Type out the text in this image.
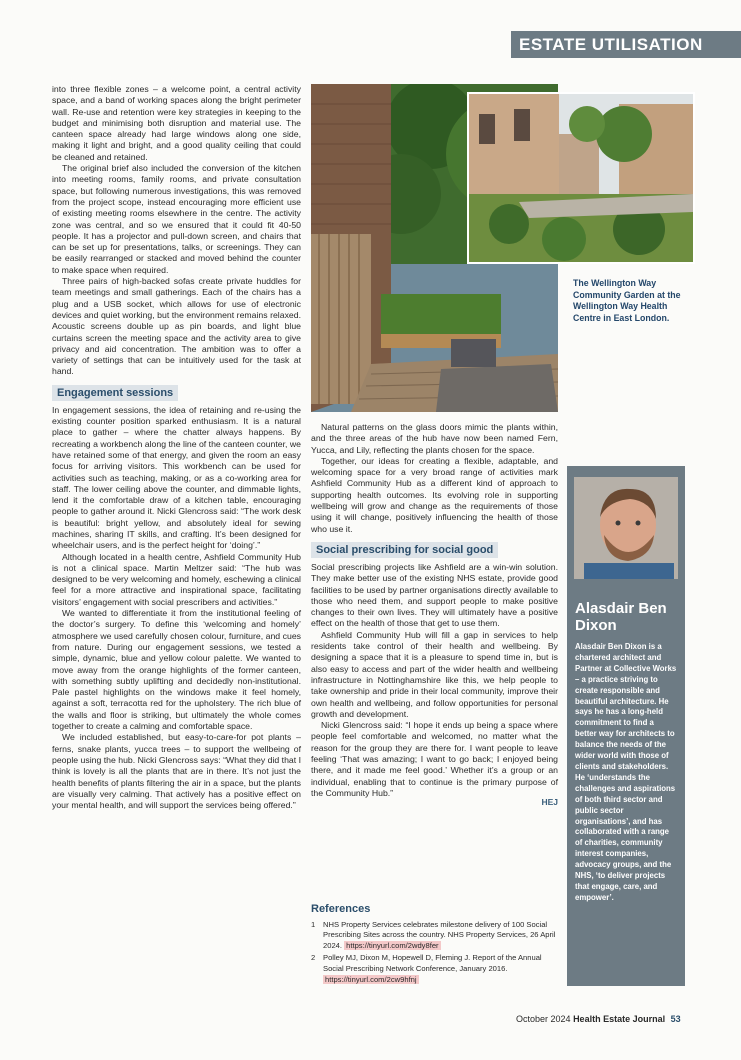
ESTATE UTILISATION

into three flexible zones – a welcome point, a central activity space, and a band of working spaces along the bright perimeter wall. Re-use and retention were key strategies in keeping to the budget and minimising both disruption and material use. The canteen space already had large windows along one side, making it light and bright, and a good quality ceiling that could be cleaned and retained.

The original brief also included the conversion of the kitchen into meeting rooms, family rooms, and private consultation space, but following numerous investigations, this was removed from the project scope, instead encouraging more efficient use of existing meeting rooms elsewhere in the centre. The activity zone was central, and so we ensured that it could fit 40-50 people. It has a projector and pull-down screen, and chairs that can be set up for presentations, talks, or screenings. They can be easily rearranged or stacked and moved behind the counter to make space when required.

Three pairs of high-backed sofas create private huddles for team meetings and small gatherings. Each of the chairs has a plug and a USB socket, which allows for use of electronic devices and quiet working, but the environment remains relaxed. Acoustic screens double up as pin boards, and light blue curtains screen the meeting space and the activity area to give privacy and aid concentration. The ambition was to offer a variety of settings that can be intuitively used for the task at hand.

Engagement sessions

In engagement sessions, the idea of retaining and re-using the existing counter position sparked enthusiasm. It is a natural place to gather – where the chatter always happens. By recreating a workbench along the line of the canteen counter, we have retained some of that energy, and given the room an easy focus for arriving visitors. This workbench can be used for activities such as teaching, making, or as a co-working area for staff. The lower ceiling above the counter, and dimmable lights, lend it the comfortable draw of a kitchen table, encouraging people to gather around it. Nicki Glencross said: “The work desk is beautiful: bright yellow, and absolutely ideal for sewing machines, sharing IT skills, and crafting. It’s been designed for wheelchair users, and is the perfect height for ‘doing’.”

Although located in a health centre, Ashfield Community Hub is not a clinical space. Martin Meltzer said: “The hub was designed to be very welcoming and homely, eschewing a clinical feel for a more attractive and inspirational space, facilitating visitors’ engagement with social prescribers and activities.”

We wanted to differentiate it from the institutional feeling of the doctor’s surgery. To define this ‘welcoming and homely’ atmosphere we used carefully chosen colour, furniture, and cues from nature. During our engagement sessions, we tested a simple, dynamic, blue and yellow colour palette. We wanted to move away from the orange highlights of the former canteen, with something subtly uplifting and decidedly non-institutional. Pale pastel highlights on the windows make it feel homely, against a soft, terracotta red for the upholstery. The rich blue of the walls and floor is striking, but ultimately the whole comes together to create a calming and comfortable space.

We included established, but easy-to-care-for pot plants – ferns, snake plants, yucca trees – to support the wellbeing of people using the hub. Nicki Glencross says: “What they did that I think is lovely is all the plants that are in there. It’s not just the health benefits of plants filtering the air in a space, but the plants are visually very calming. That actively has a positive effect on your mental health, and will support the services being offered.”

The Wellington Way Community Garden at the Wellington Way Health Centre in East London.

Natural patterns on the glass doors mimic the plants within, and the three areas of the hub have now been named Fern, Yucca, and Lily, reflecting the plants chosen for the space.

Together, our ideas for creating a flexible, adaptable, and welcoming space for a very broad range of activities mark Ashfield Community Hub as a different kind of approach to supporting health outcomes. Its evolving role in supporting wellbeing will grow and change as the requirements of those using it will change, positively influencing the health of those who use it.

Social prescribing for social good

Social prescribing projects like Ashfield are a win-win solution. They make better use of the existing NHS estate, provide good facilities to be used by partner organisations directly available to those who need them, and support people to make positive changes to their own lives. They will ultimately have a positive effect on the health of those that get to use them.

Ashfield Community Hub will fill a gap in services to help residents take control of their health and wellbeing. By designing a space that it is a pleasure to spend time in, but is also easy to access and part of the wider health and wellbeing infrastructure in Nottinghamshire like this, we help people to take ownership and pride in their local community, improve their own health and wellbeing, and follow opportunities for personal growth and development.

Nicki Glencross said: “I hope it ends up being a space where people feel comfortable and welcomed, no matter what the reason for the group they are there for. I want people to leave feeling ‘That was amazing; I want to go back; I enjoyed being there, and it made me feel good.’ Whether it’s a group or an individual, enabling that to continue is the primary purpose of the Community Hub.”

HEJ
References
1	NHS Property Services celebrates milestone delivery of 100 Social Prescribing Sites across the country. NHS Property Services, 26 April 2024. https://tinyurl.com/2wdy8fer
2	Polley MJ, Dixon M, Hopewell D, Fleming J. Report of the Annual Social Prescribing Network Conference, January 2016. https://tinyurl.com/2cw9hfnj
Alasdair Ben Dixon
Alasdair Ben Dixon is a chartered architect and Partner at Collective Works – a practice striving to create responsible and beautiful architecture. He says he has a long-held commitment to find a better way for architects to balance the needs of the wider world with those of clients and stakeholders. He ‘understands the challenges and aspirations of both third sector and public sector organisations’, and has collaborated with a range of charities, community interest companies, advocacy groups, and the NHS, ‘to deliver projects that engage, care, and empower’.
October 2024 Health Estate Journal 53
